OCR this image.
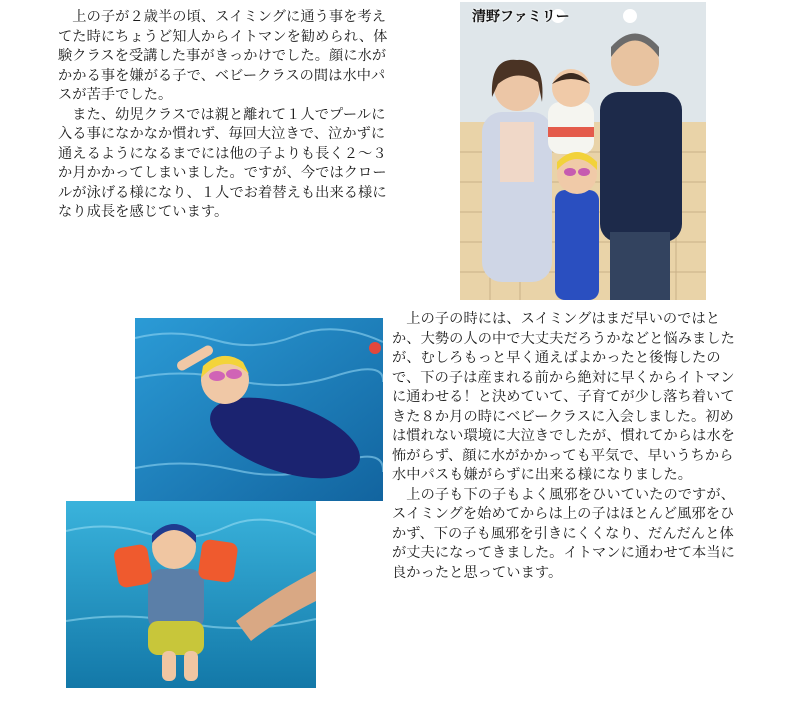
　上の子が２歳半の頃、スイミングに通う事を考えてた時にちょうど知人からイトマンを勧められ、体験クラスを受講した事がきっかけでした。顔に水がかかる事を嫌がる子で、ベビークラスの間は水中パスが苦手でした。
　また、幼児クラスでは親と離れて１人でプールに入る事になかなか慣れず、毎回大泣きで、泣かずに通えるようになるまでには他の子よりも長く２〜３か月かかってしまいました。ですが、今ではクロールが泳げる様になり、１人でお着替えも出来る様になり成長を感じています。

清野ファミリー

　上の子の時には、スイミングはまだ早いのではとか、大勢の人の中で大丈夫だろうかなどと悩みましたが、むしろもっと早く通えばよかったと後悔したので、下の子は産まれる前から絶対に早くからイトマンに通わせる！と決めていて、子育てが少し落ち着いてきた８か月の時にベビークラスに入会しました。初めは慣れない環境に大泣きでしたが、慣れてからは水を怖がらず、顔に水がかかっても平気で、早いうちから水中パスも嫌がらずに出来る様になりました。
　上の子も下の子もよく風邪をひいていたのですが、スイミングを始めてからは上の子はほとんど風邪をひかず、下の子も風邪を引きにくくなり、だんだんと体が丈夫になってきました。イトマンに通わせて本当に良かったと思っています。
